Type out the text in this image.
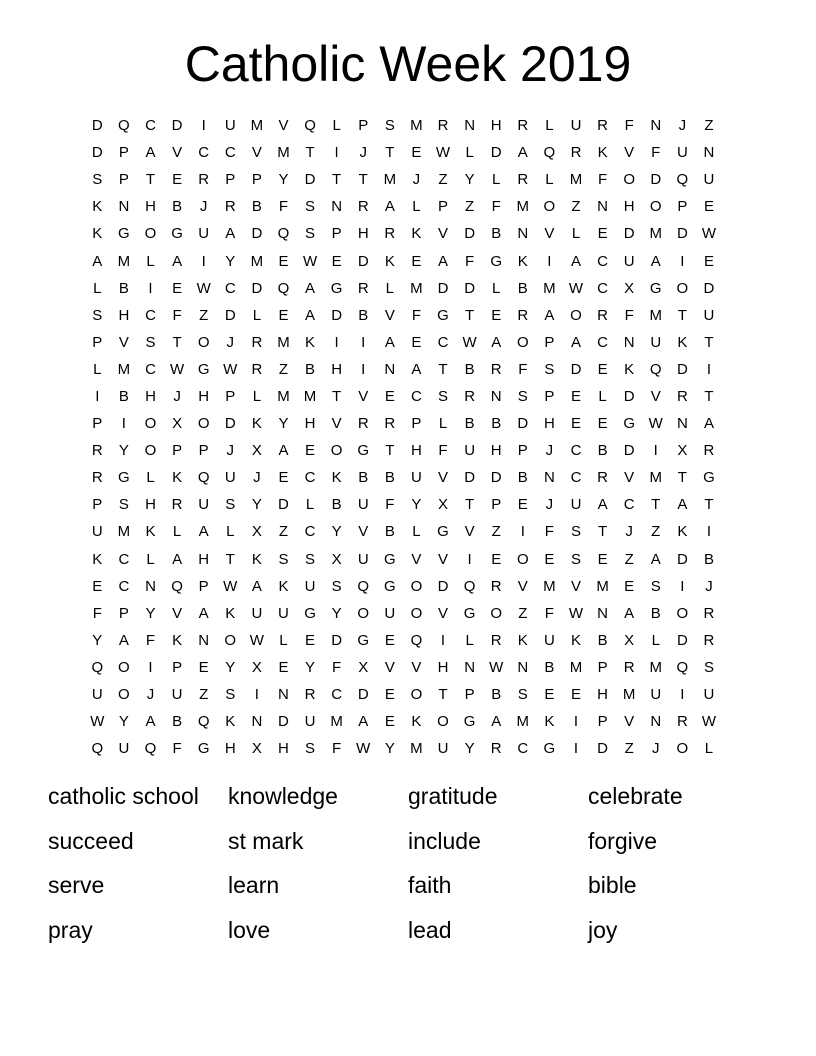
Catholic Week 2019
D	Q	C	D	I	U M	V	Q	L	P	S	M R	N	H	R	L	U	R	F	N	J	Z
D	P	A	V	C	C	V	M	T	I	J	T	E W	L	D	A	Q	R	K	V	F	U	N
S	P	T	E	R	P	P	Y	D	T	T	M	J	Z	Y	L	R	L	M	F	O	D	Q	U
K	N	H	B	J	R	B	F	S	N	R	A	L	P	Z	F	M O	Z	N	H	O	P	E
K	G O G	U	A	D	Q	S	P	H	R	K	V	D	B	N	V	L	E	D M D W
A	M	L	A	I	Y	M	E W E	D	K	E	A	F	G	K	I	A	C	U	A	I	E
L	B	I	E W C	D	Q	A	G	R	L	M D	D	L	B	M W C	X	G O	D
S	H	C	F	Z	D	L	E	A	D	B	V	F	G	T	E	R	A	O	R	F	M	T	U
P	V	S	T	O	J	R M	K	I	I	A	E	C W A	O	P	A	C	N	U	K	T
L	M C W G W R	Z	B	H	I	N	A	T	B	R	F	S	D	E	K	Q	D	I
I	B	H	J	H	P	L	M M	T	V	E	C	S	R	N	S	P	E	L	D	V	R	T
P	I	O	X	O	D	K	Y	H	V	R	R	P	L	B	B	D	H	E	E	G W N	A
R	Y	O	P	P	J	X	A	E	O G	T	H	F	U	H	P	J	C	B	D	I	X	R
R	G	L	K	Q	U	J	E	C	K	B	B	U	V	D	D	B	N	C	R	V	M	T	G
P	S	H	R	U	S	Y	D	L	B	U	F	Y	X	T	P	E	J	U	A	C	T	A	T
U M	K	L	A	L	X	Z	C	Y	V	B	L	G	V	Z	I	F	S	T	J	Z	K	I
K	C	L	A	H	T	K	S	S	X	U	G	V	V	I	E	O	E	S	E	Z	A	D	B
E	C	N	Q	P W A	K	U	S	Q G O	D	Q	R	V	M	V	M	E	S	I	J
F	P	Y	V	A	K	U	U	G	Y	O	U	O	V	G O	Z	F W N	A	B	O	R
Y	A	F	K	N	O W	L	E	D	G	E	Q	I	L	R	K	U	K	B	X	L	D	R
Q O	I	P	E	Y	X	E	Y	F	X	V	V	H	N W N	B	M	P	R M Q	S
U	O	J	U	Z	S	I	N	R	C	D	E	O	T	P	B	S	E	E	H M U	I	U
W Y	A	B	Q	K	N	D	U M	A	E	K	O G	A	M	K	I	P	V	N	R W
Q	U	Q	F	G	H	X	H	S	F W Y	M U	Y	R	C	G	I	D	Z	J	O	L
catholic school	knowledge	gratitude	celebrate
succeed	st mark	include	forgive
serve	learn	faith	bible
pray	love	lead	joy
